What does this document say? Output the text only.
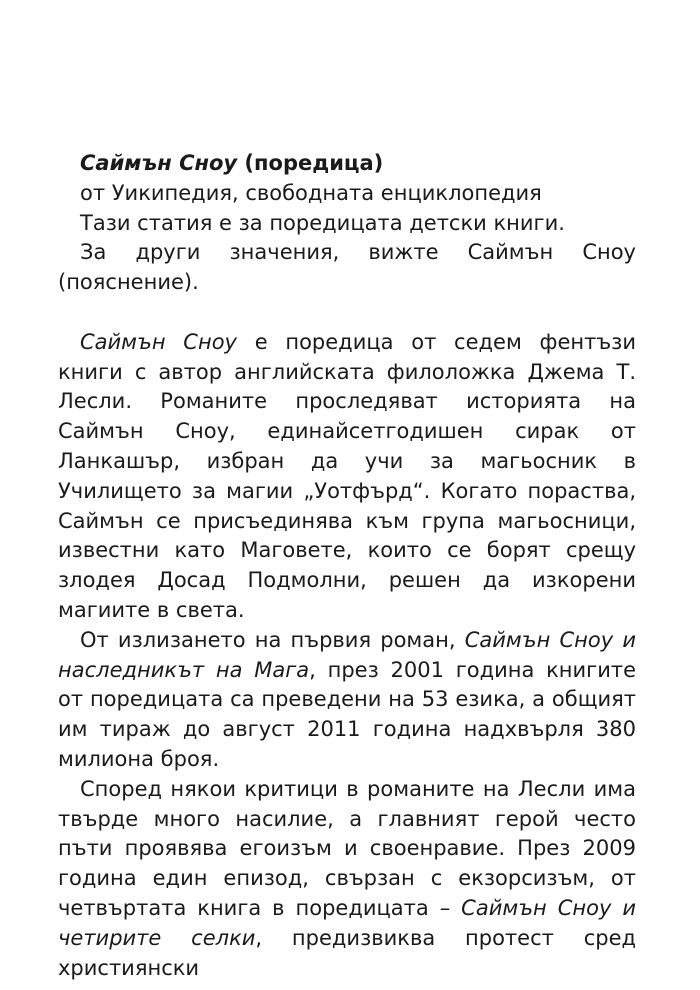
Саймън Сноу (поредица)

от Уикипедия, свободната енциклопедия

Тази статия е за поредицата детски книги.

За други значения, вижте Саймън Сноу (пояснение).

Саймън Сноу е поредица от седем фентъзи книги с автор английската филоложка Джема Т. Лесли. Романите проследяват историята на Саймън Сноу, единайсетгодишен сирак от Ланкашър, избран да учи за магьосник в Училището за магии „Уотфърд“. Когато пораства, Саймън се присъединява към група магьосници, известни като Маговете, които се борят срещу злодея Досад Подмолни, решен да изкорени магиите в света.

От излизането на първия роман, Саймън Сноу и наследникът на Мага, през 2001 година книгите от поредицата са преведени на 53 езика, а общият им тираж до август 2011 година надхвърля 380 милиона броя.

Според някои критици в романите на Лесли има твърде много насилие, а главният герой често пъти проявява егоизъм и своенравие. През 2009 година един епизод, свързан с екзорсизъм, от четвъртата книга в поредицата – Саймън Сноу и четирите селки, предизвиква протест сред християнски
